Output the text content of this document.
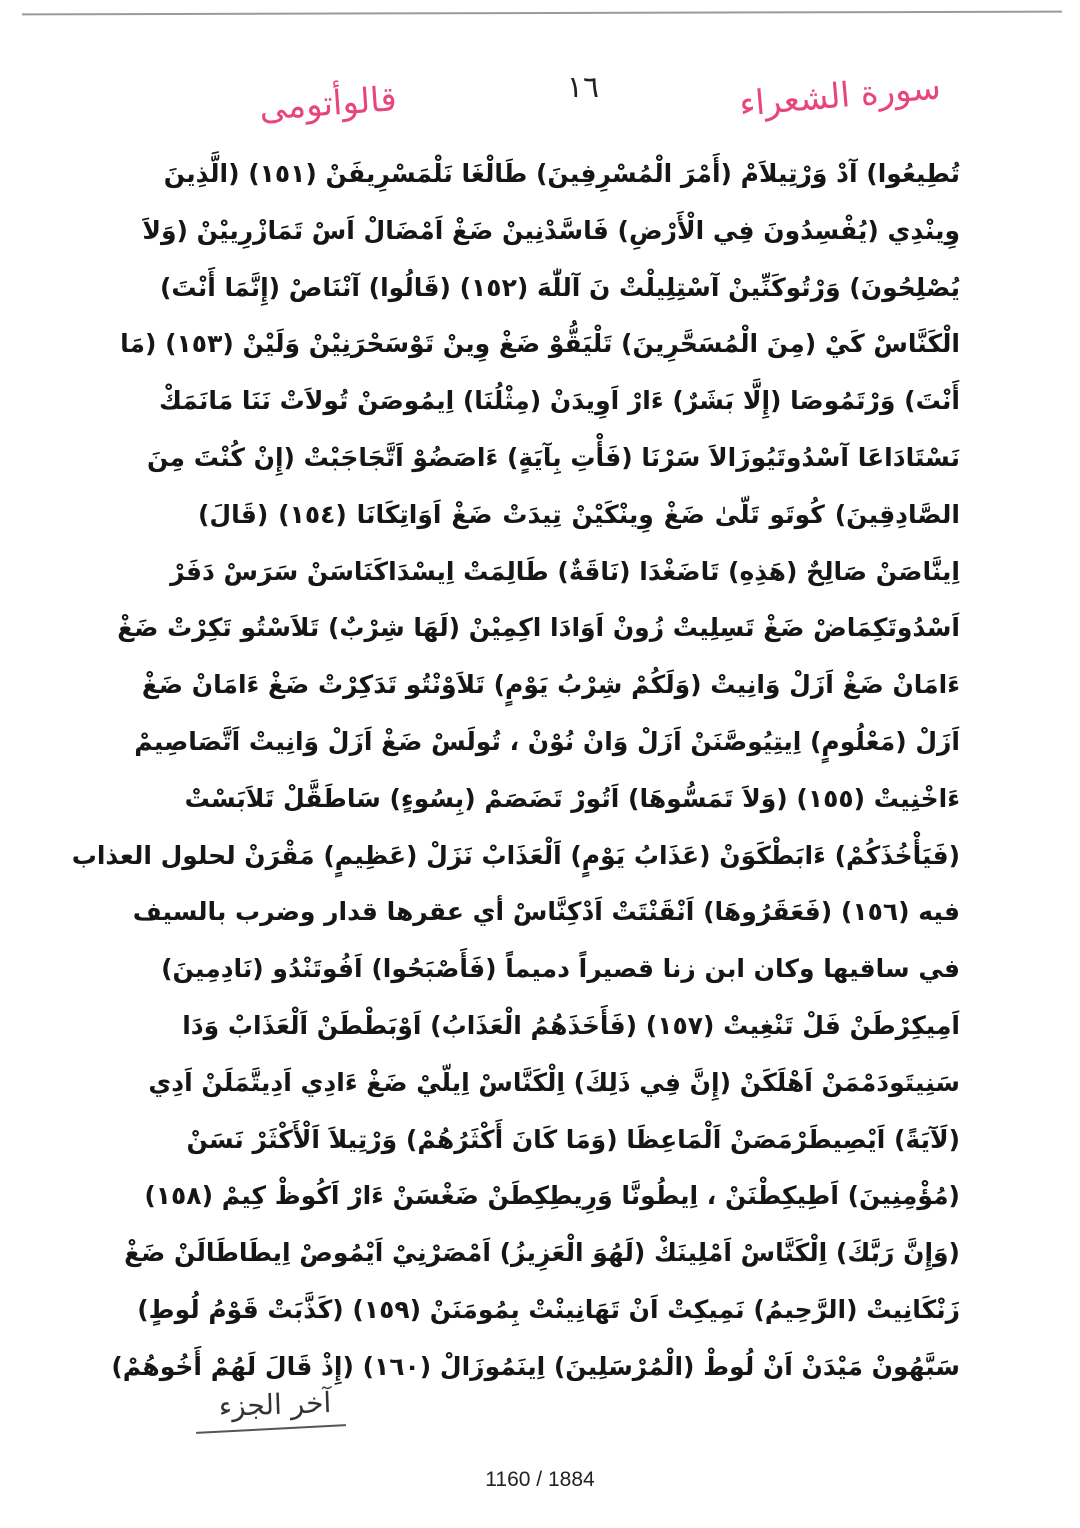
قالوأتومى	١٦	سورة الشعراء
تُطِيعُوا) آدْ وَرْتِيلاَمْ (أَمْرَ الْمُسْرِفِينَ) طَالْغَا نَلْمَسْرِيفَنْ (١٥١) (الَّذِينَ
وِينْدِي (يُفْسِدُونَ فِي الْأَرْضِ) فَاسَّدْنِينْ ضَغْ اَمْضَالْ اَسْ تَمَازْرِييْنْ (وَلاَ
يُصْلِحُونَ) وَرْتُوكَنِّينْ آسْتِلِيلْتْ نَ آللّٰهَ (١٥٢) (قَالُوا) آنْنَاصْ (إِنَّمَا أَنْتَ)
الْكَنَّاسْ كَيْ (مِنَ الْمُسَحَّرِينَ) تَلْيَقُّوْ ضَغْ وِينْ تَوْسَحْرَنِيْنْ وَلَيْنْ (١٥٣) (مَا
أَنْتَ) وَرْتَمُوصَا (إِلَّا بَشَرٌ) ءَارْ اَوِيدَنْ (مِثْلُنَا) اِيمُوصَنْ تُولاَتْ نَنَا مَانَمَكْ
نَسْتَادَاعَا آسْدُوتَيُوزَالاَ سَرْنَا (فَأْتِ بِآيَةٍ) ءَاصَضُوْ اَتَّجَاجَبْتْ (إِنْ كُنْتَ مِنَ
الصَّادِقِينَ) كُوتَو تَلّىٰ ضَغْ وِينْكَيْنْ تِيدَتْ ضَغْ اَوَاتِكَانَا (١٥٤) (قَالَ)
اِينَّاصَنْ صَالِحٌ (هَذِهِ) تَاضَغْدَا (نَاقَةٌ) طَالِمَتْ اِيسْدَاكَنَاسَنْ سَرَسْ دَفَرْ
اَسْدُوتَكِمَاضْ ضَغْ تَسِلِيتْ زُونْ اَوَادَا اكِمِيْنْ (لَهَا شِرْبٌ) تَلاَسْتُو تَكِرْتْ ضَغْ
ءَامَانْ ضَغْ اَزَلْ وَانِيتْ (وَلَكُمْ شِرْبُ يَوْمٍ) تَلاَوْنْتُو تَدَكِرْتْ ضَغْ ءَامَانْ ضَغْ
اَزَلْ (مَعْلُومٍ) اِيتِيُوصَّنَنْ اَزَلْ وَانْ نُوْنْ ، تُولَسْ ضَغْ اَزَلْ وَانِيتْ اَتَّصَاصِيمْ
ءَاخْنِيتْ (١٥٥) (وَلاَ تَمَسُّوهَا) اَتُورْ تَضَصَمْ (بِسُوءٍ) سَاطَقَّلْ تَلاَبَسْتْ
(فَيَأْخُذَكُمْ) ءَابَطْكَوَنْ (عَذَابُ يَوْمٍ) اَلْعَذَابْ نَزَلْ (عَظِيمٍ) مَقْرَنْ لحلول العذاب
فيه (١٥٦) (فَعَقَرُوهَا) اَنْقَنْتَتْ اَدْكِنَّاسْ أي عقرها قدار وضرب بالسيف
في ساقيها وكان ابن زنا قصيراً دميماً (فَأَصْبَحُوا) اَفُوتَنْدُو (نَادِمِينَ)
اَمِيكِرْطَنْ فَلْ تَنْغِيتْ (١٥٧) (فَأَخَذَهُمُ الْعَذَابُ) اَوْبَطْطَنْ اَلْعَذَابْ وَدَا
سَنِيتَودَمْمَنْ اَهْلَكَنْ (إِنَّ فِي ذَلِكَ) اِلْكَنَّاسْ اِيلّيْ ضَغْ ءَادِي اَدِيتَّمَلَنْ اَدِي
(لَآيَةً) اَيْصِيطَرْمَصَنْ اَلْمَاعِظَا (وَمَا كَانَ أَكْثَرُهُمْ) وَرْتِيلاَ اَلْأَكْثَرْ نَسَنْ
(مُؤْمِنِينَ) اَطِيكِطْنَنْ ، اِيطُونَّا وَرِيطِكِطَنْ ضَغْسَنْ ءَارْ اَكُوظْ كِيمْ (١٥٨)
(وَإِنَّ رَبَّكَ) اِلْكَنَّاسْ اَمْلِينَكْ (لَهُوَ الْعَزِيزُ) اَمْصَرْنِيْ اَيْمُوصْ اِيطَاطَالَنْ ضَغْ
زَنْكَانِيتْ (الرَّحِيمُ) نَمِيكِتْ اَنْ تَهَانِينْتْ بِمُومَنَنْ (١٥٩) (كَذَّبَتْ قَوْمُ لُوطٍ)
سَبَّهُونْ مَيْدَنْ اَنْ لُوطْ (الْمُرْسَلِينَ) اِينَمُوزَالْ (١٦٠) (إِذْ قَالَ لَهُمْ أَخُوهُمْ)
آخر الجزء
1160 / 1884
